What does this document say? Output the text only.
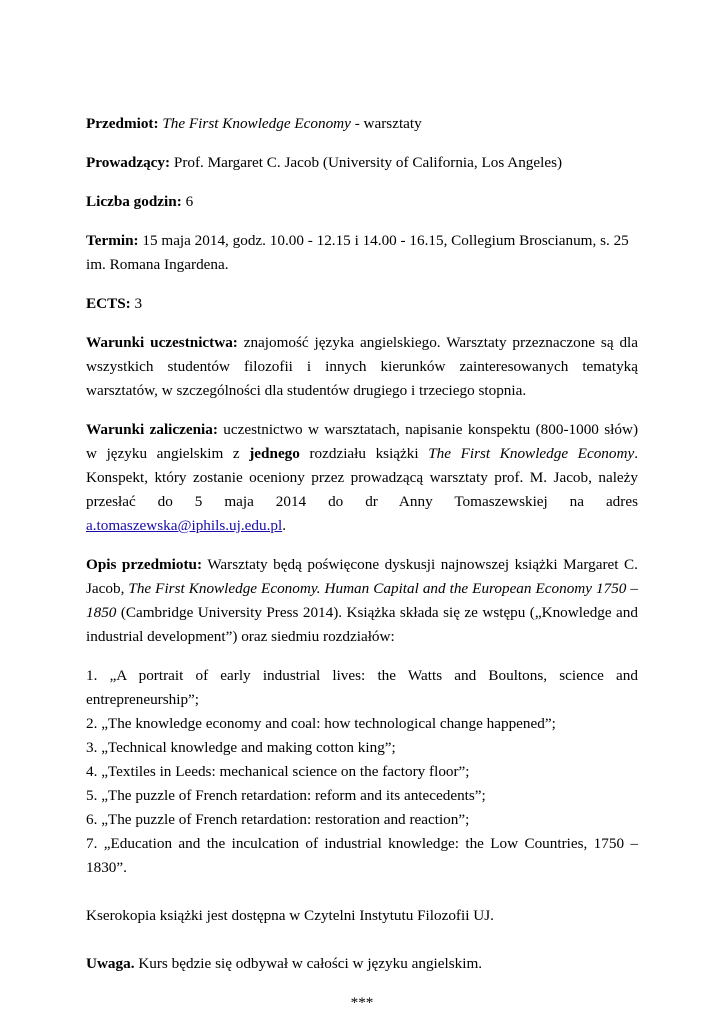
Przedmiot: The First Knowledge Economy - warsztaty

Prowadzący: Prof. Margaret C. Jacob (University of California, Los Angeles)

Liczba godzin: 6

Termin: 15 maja 2014, godz. 10.00 - 12.15 i 14.00 - 16.15, Collegium Broscianum, s. 25 im. Romana Ingardena.

ECTS: 3

Warunki uczestnictwa: znajomość języka angielskiego. Warsztaty przeznaczone są dla wszystkich studentów filozofii i innych kierunków zainteresowanych tematyką warsztatów, w szczególności dla studentów drugiego i trzeciego stopnia.

Warunki zaliczenia: uczestnictwo w warsztatach, napisanie konspektu (800-1000 słów) w języku angielskim z jednego rozdziału książki The First Knowledge Economy. Konspekt, który zostanie oceniony przez prowadzącą warsztaty prof. M. Jacob, należy przesłać do 5 maja 2014 do dr Anny Tomaszewskiej na adres a.tomaszewska@iphils.uj.edu.pl.

Opis przedmiotu: Warsztaty będą poświęcone dyskusji najnowszej książki Margaret C. Jacob, The First Knowledge Economy. Human Capital and the European Economy 1750 – 1850 (Cambridge University Press 2014). Książka składa się ze wstępu („Knowledge and industrial development”) oraz siedmiu rozdziałów:

1. „A portrait of early industrial lives: the Watts and Boultons, science and entrepreneurship”;
2. „The knowledge economy and coal: how technological change happened”;
3. „Technical knowledge and making cotton king”;
4. „Textiles in Leeds: mechanical science on the factory floor”;
5. „The puzzle of French retardation: reform and its antecedents”;
6. „The puzzle of French retardation: restoration and reaction”;
7. „Education and the inculcation of industrial knowledge: the Low Countries, 1750 – 1830”.

Kserokopia książki jest dostępna w Czytelni Instytutu Filozofii UJ.

Uwaga. Kurs będzie się odbywał w całości w języku angielskim.

***
